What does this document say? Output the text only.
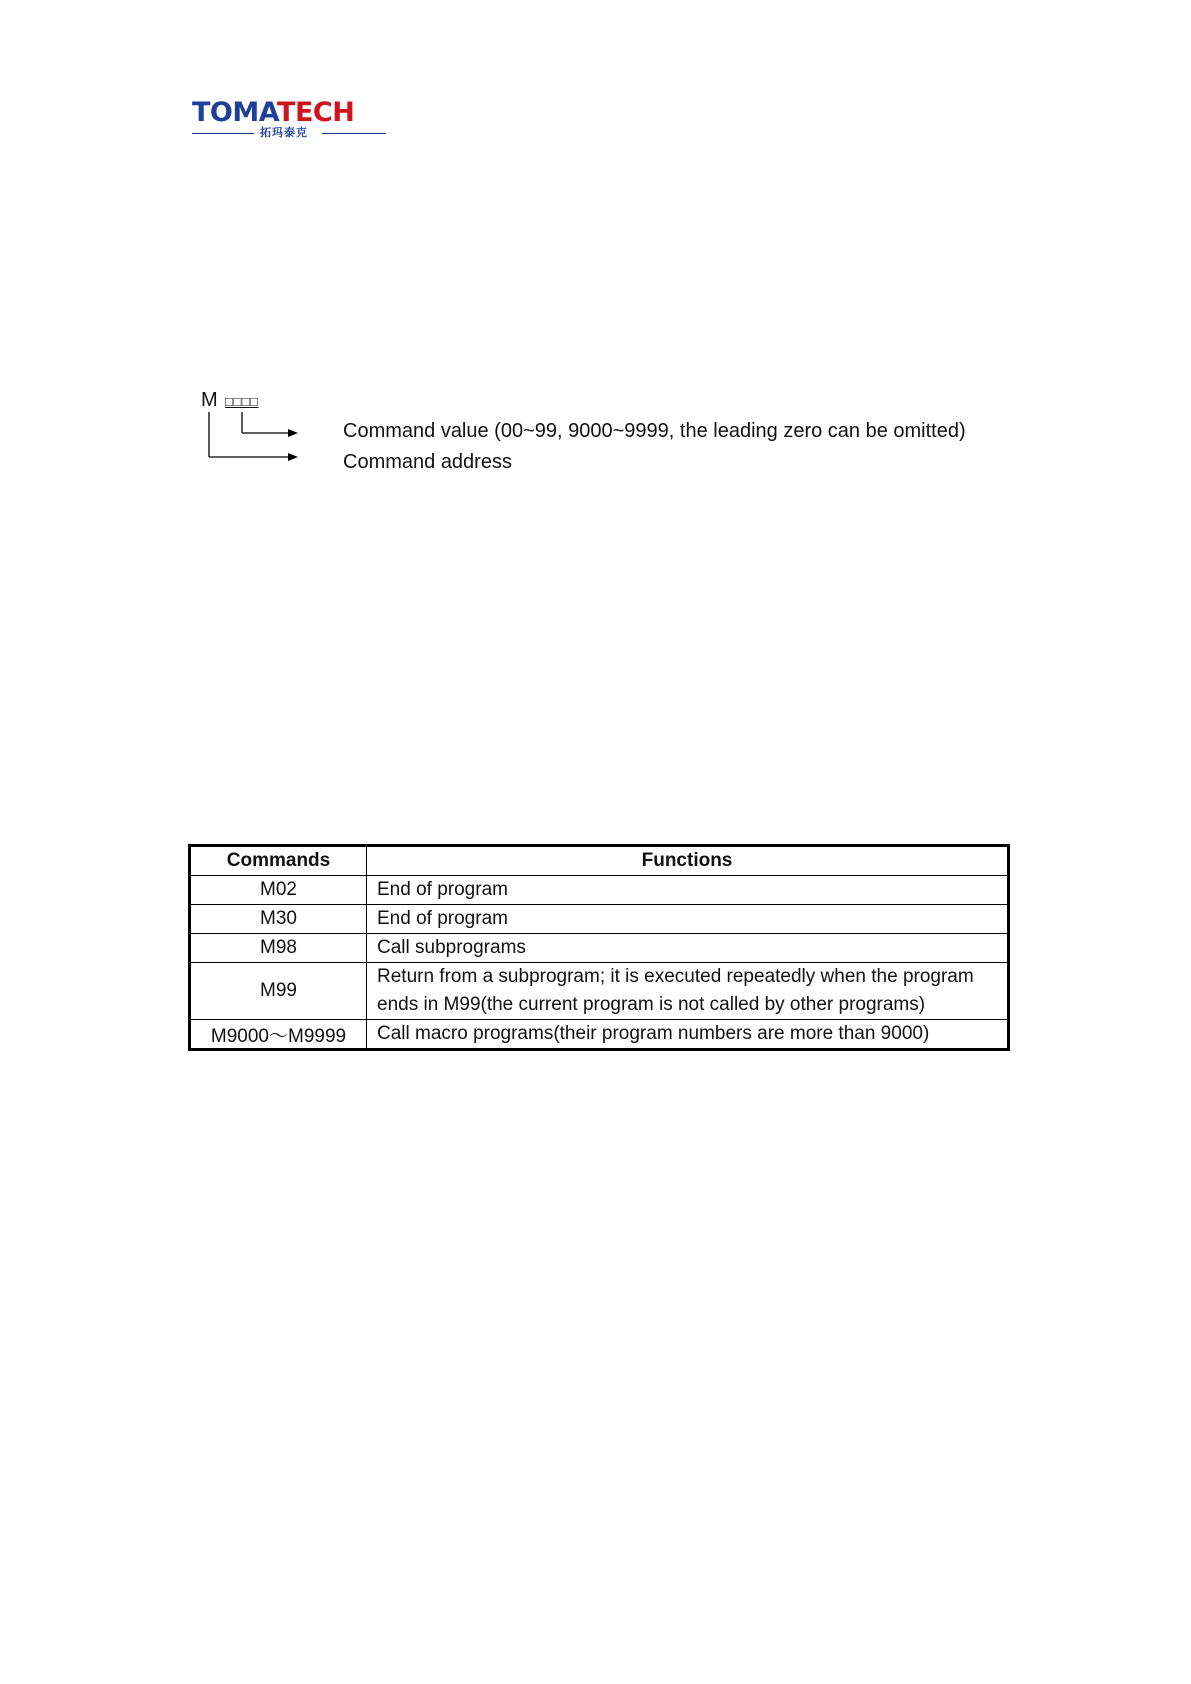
TOMATECH
拓玛泰克
M □□□□
Command value (00~99, 9000~9999, the leading zero can be omitted)
Command address
Commands	Functions
M02	End of program
M30	End of program
M98	Call subprograms
M99	Return from a subprogram; it is executed repeatedly when the program
ends in M99(the current program is not called by other programs)

M9000～M9999	Call macro programs(their program numbers are more than 9000)
